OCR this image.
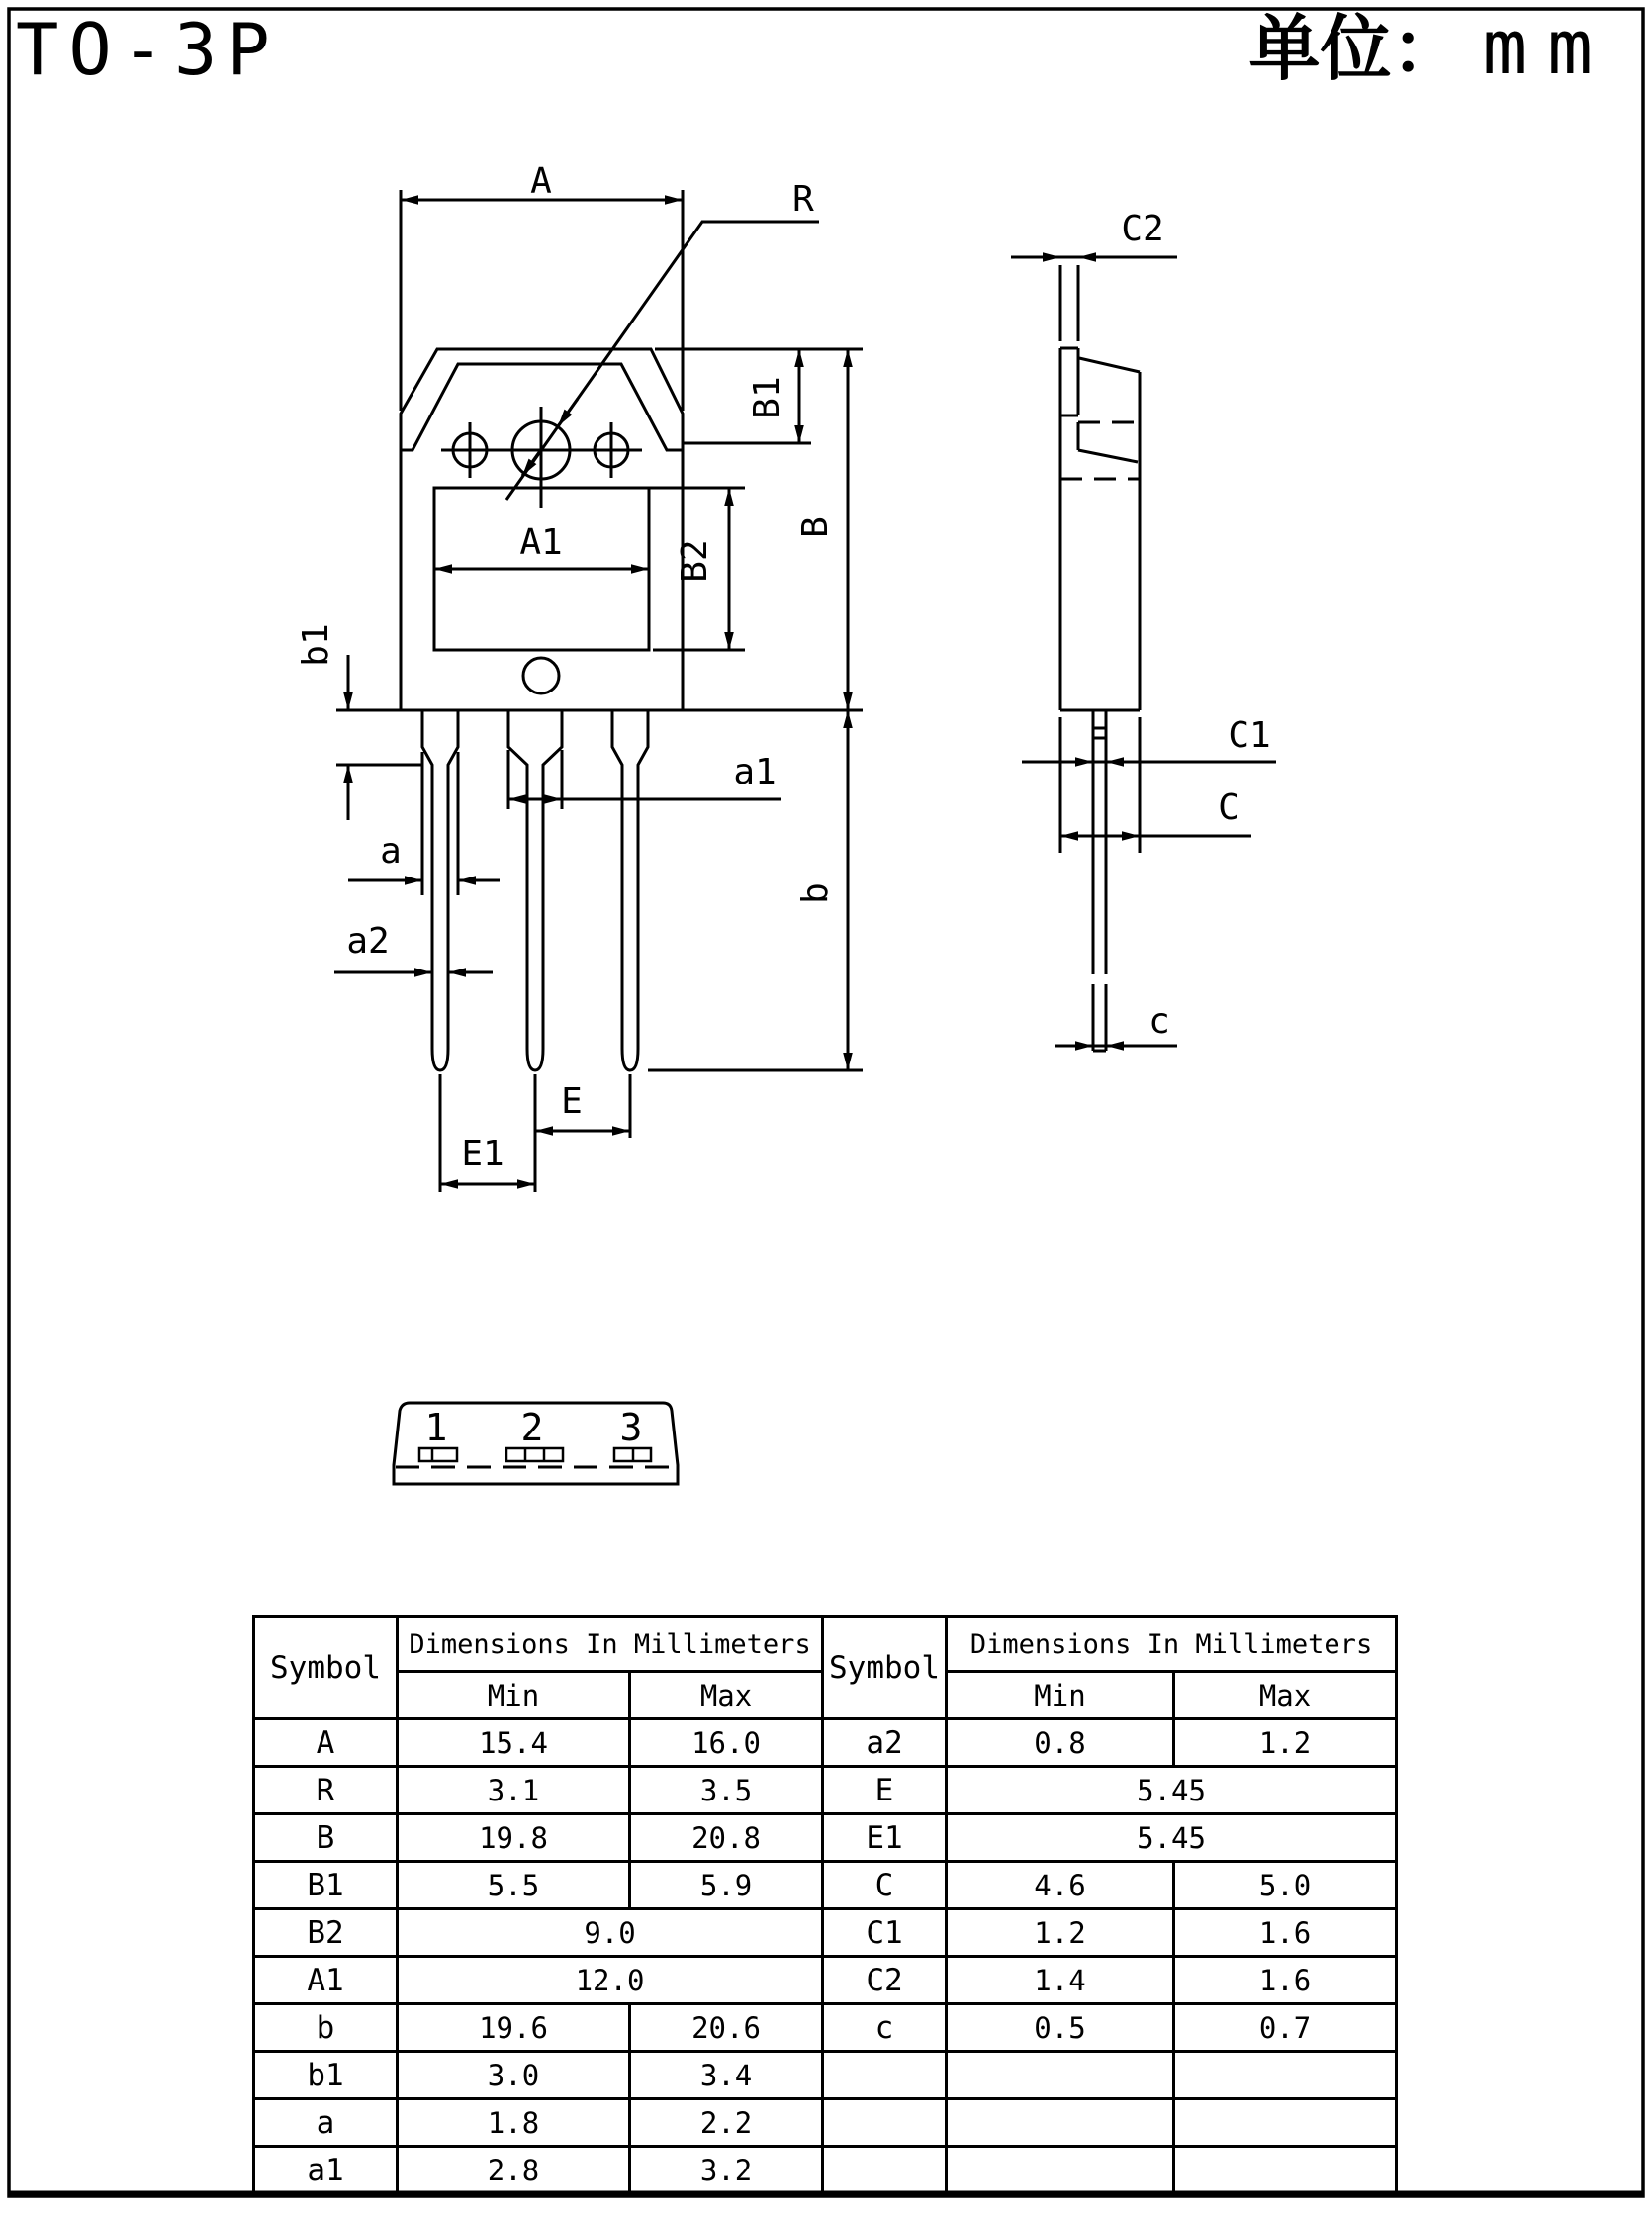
TO-3P	单位： mm
A	R
B1
B
b
A1	B2
b1
a
a1
a2
E
E1
C2
C1
C
c
1 2 3
Symbol	Dimensions In Millimeters	
	Min	Max
A	15.4	16.0
R	3.1	3.5
B	19.8	20.8
B1	5.5	5.9
B2	9.0	
A1	12.0	
b	19.6	20.6
b1	3.0	3.4
a	1.8	2.2
a1	2.8	3.2
Symbol	Dimensions In Millimeters	
	Min	Max
a2	0.8	1.2
E	5.45	
E1	5.45	
C	4.6	5.0
C1	1.2	1.6
C2	1.4	1.6
c	0.5	0.7
